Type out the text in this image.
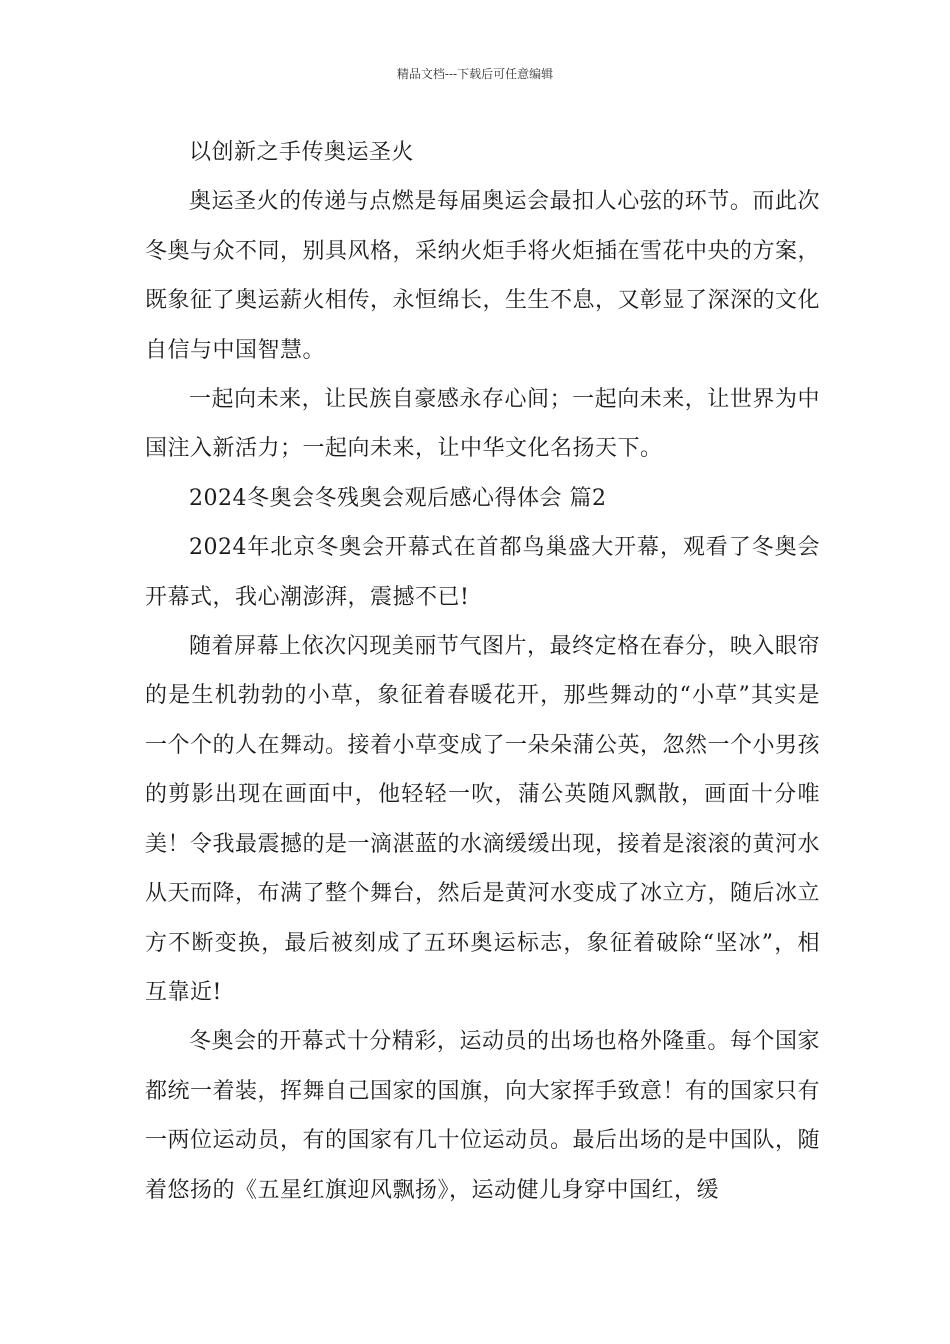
精品文档---下载后可任意编辑

以创新之手传奥运圣火

奥运圣火的传递与点燃是每届奥运会最扣人心弦的环节。而此次冬奥与众不同，别具风格，采纳火炬手将火炬插在雪花中央的方案，既象征了奥运薪火相传，永恒绵长，生生不息，又彰显了深深的文化自信与中国智慧。

一起向未来，让民族自豪感永存心间；一起向未来，让世界为中国注入新活力；一起向未来，让中华文化名扬天下。

2024冬奥会冬残奥会观后感心得体会 篇2

2024年北京冬奥会开幕式在首都鸟巢盛大开幕，观看了冬奥会开幕式，我心潮澎湃，震撼不已!

随着屏幕上依次闪现美丽节气图片，最终定格在春分，映入眼帘的是生机勃勃的小草，象征着春暖花开，那些舞动的“小草”其实是一个个的人在舞动。接着小草变成了一朵朵蒲公英，忽然一个小男孩的剪影出现在画面中，他轻轻一吹，蒲公英随风飘散，画面十分唯美！令我最震撼的是一滴湛蓝的水滴缓缓出现，接着是滚滚的黄河水从天而降，布满了整个舞台，然后是黄河水变成了冰立方，随后冰立方不断变换，最后被刻成了五环奥运标志，象征着破除“坚冰”，相互靠近!

冬奥会的开幕式十分精彩，运动员的出场也格外隆重。每个国家都统一着装，挥舞自己国家的国旗，向大家挥手致意！有的国家只有一两位运动员，有的国家有几十位运动员。最后出场的是中国队，随着悠扬的《五星红旗迎风飘扬》，运动健儿身穿中国红，缓
